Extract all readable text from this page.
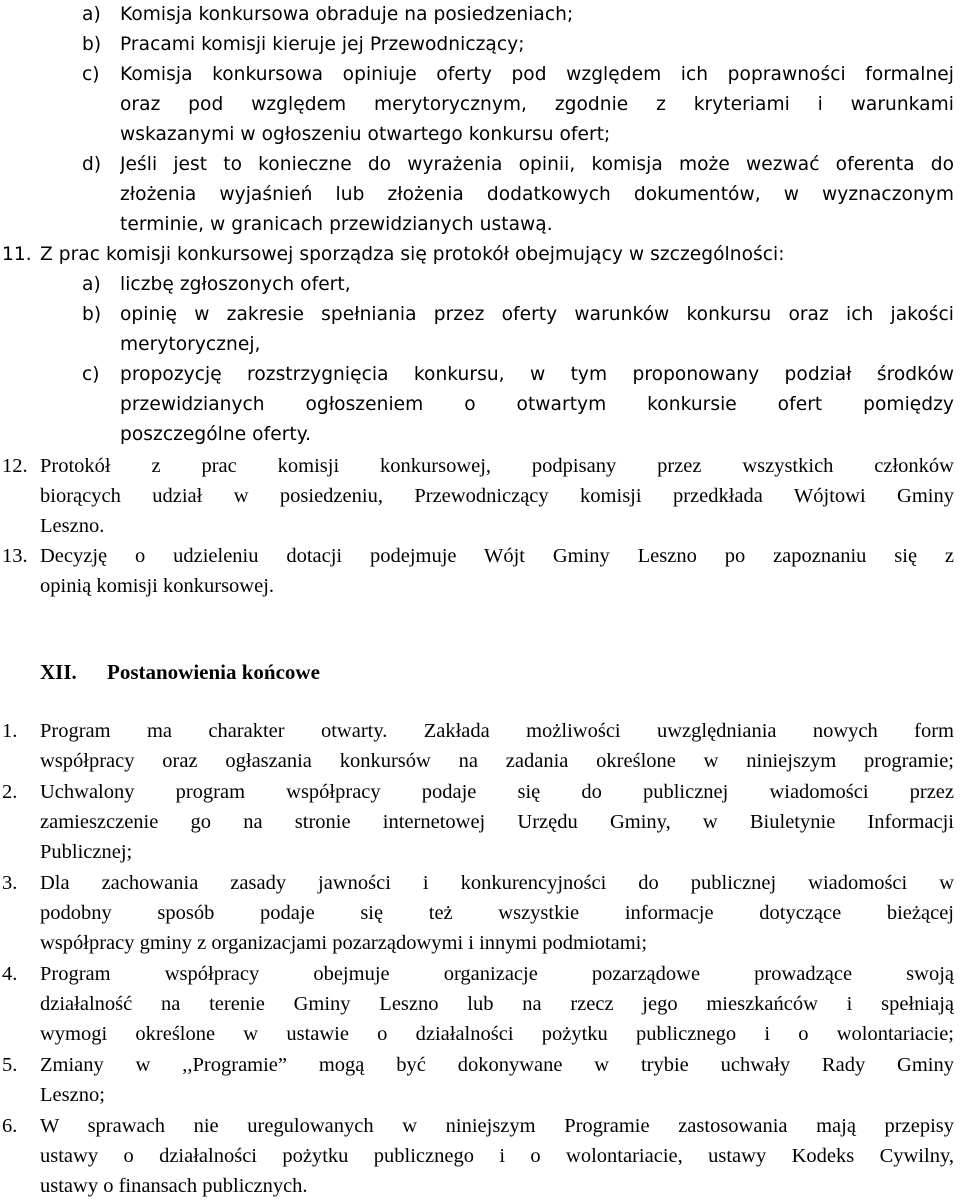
a) Komisja konkursowa obraduje na posiedzeniach;
b) Pracami komisji kieruje jej Przewodniczący;
c) Komisja konkursowa opiniuje oferty pod względem ich poprawności formalnej
oraz pod względem merytorycznym, zgodnie z kryteriami i warunkami
wskazanymi w ogłoszeniu otwartego konkursu ofert;
d) Jeśli jest to konieczne do wyrażenia opinii, komisja może wezwać oferenta do
złożenia wyjaśnień lub złożenia dodatkowych dokumentów, w wyznaczonym
terminie, w granicach przewidzianych ustawą.
11. Z prac komisji konkursowej sporządza się protokół obejmujący w szczególności:
a) liczbę zgłoszonych ofert,
b) opinię w zakresie spełniania przez oferty warunków konkursu oraz ich jakości
merytorycznej,
c) propozycję rozstrzygnięcia konkursu, w tym proponowany podział środków
przewidzianych ogłoszeniem o otwartym konkursie ofert pomiędzy
poszczególne oferty.
12. Protokół z prac komisji konkursowej, podpisany przez wszystkich członków
biorących udział w posiedzeniu, Przewodniczący komisji przedkłada Wójtowi Gminy
Leszno.
13. Decyzję o udzieleniu dotacji podejmuje Wójt Gminy Leszno po zapoznaniu się z
opinią komisji konkursowej.
XII. Postanowienia końcowe
1. Program ma charakter otwarty. Zakłada możliwości uwzględniania nowych form
współpracy oraz ogłaszania konkursów na zadania określone w niniejszym programie;
2. Uchwalony program współpracy podaje się do publicznej wiadomości przez
zamieszczenie go na stronie internetowej Urzędu Gminy, w Biuletynie Informacji
Publicznej;
3. Dla zachowania zasady jawności i konkurencyjności do publicznej wiadomości w
podobny sposób podaje się też wszystkie informacje dotyczące bieżącej
współpracy gminy z organizacjami pozarządowymi i innymi podmiotami;
4. Program współpracy obejmuje organizacje pozarządowe prowadzące swoją
działalność na terenie Gminy Leszno lub na rzecz jego mieszkańców i spełniają
wymogi określone w ustawie o działalności pożytku publicznego i o wolontariacie;
5. Zmiany w ,,Programie” mogą być dokonywane w trybie uchwały Rady Gminy
Leszno;
6. W sprawach nie uregulowanych w niniejszym Programie zastosowania mają przepisy
ustawy o działalności pożytku publicznego i o wolontariacie, ustawy Kodeks Cywilny,
ustawy o finansach publicznych.
